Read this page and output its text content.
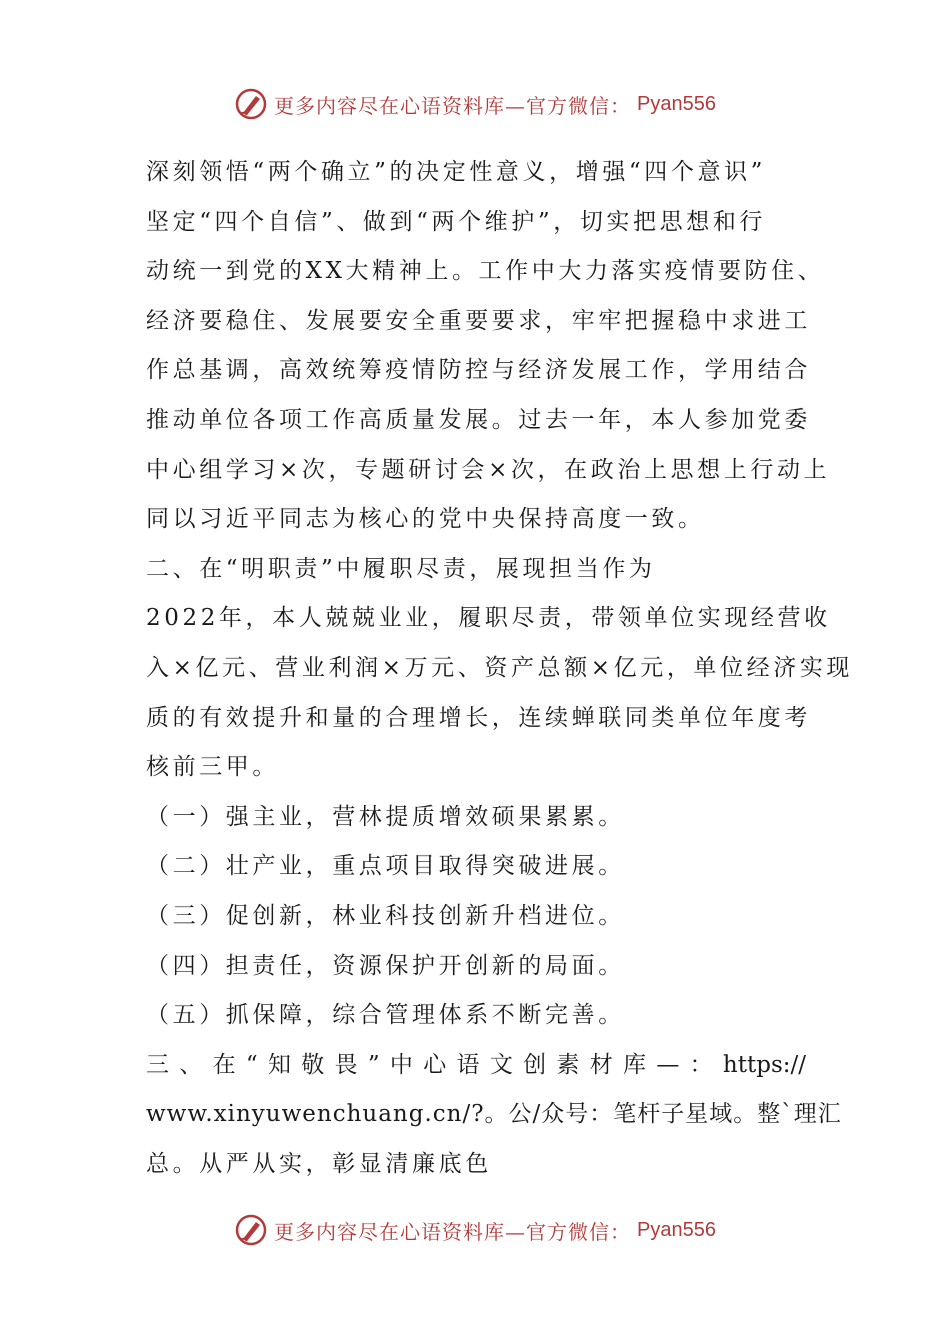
更多内容尽在心语资料库—官方微信： Pyan556
深刻领悟“两个确立”的决定性意义，增强“四个意识”
坚定“四个自信”、做到“两个维护”，切实把思想和行
动统一到党的XX大精神上。工作中大力落实疫情要防住、
经济要稳住、发展要安全重要要求，牢牢把握稳中求进工
作总基调，高效统筹疫情防控与经济发展工作，学用结合
推动单位各项工作高质量发展。过去一年，本人参加党委
中心组学习×次，专题研讨会×次，在政治上思想上行动上
同以习近平同志为核心的党中央保持高度一致。
二、在“明职责”中履职尽责，展现担当作为
2022年，本人兢兢业业，履职尽责，带领单位实现经营收
入×亿元、营业利润×万元、资产总额×亿元，单位经济实现
质的有效提升和量的合理增长，连续蝉联同类单位年度考
核前三甲。
（一）强主业，营林提质增效硕果累累。
（二）壮产业，重点项目取得突破进展。
（三）促创新，林业科技创新升档进位。
（四）担责任，资源保护开创新的局面。
（五）抓保障，综合管理体系不断完善。
三、在“知敬畏”中心语文创素材库—：https://
www.xinyuwenchuang.cn/?。公/众号：笔杆子星域。整`理汇
总。从严从实，彰显清廉底色
更多内容尽在心语资料库—官方微信： Pyan556
